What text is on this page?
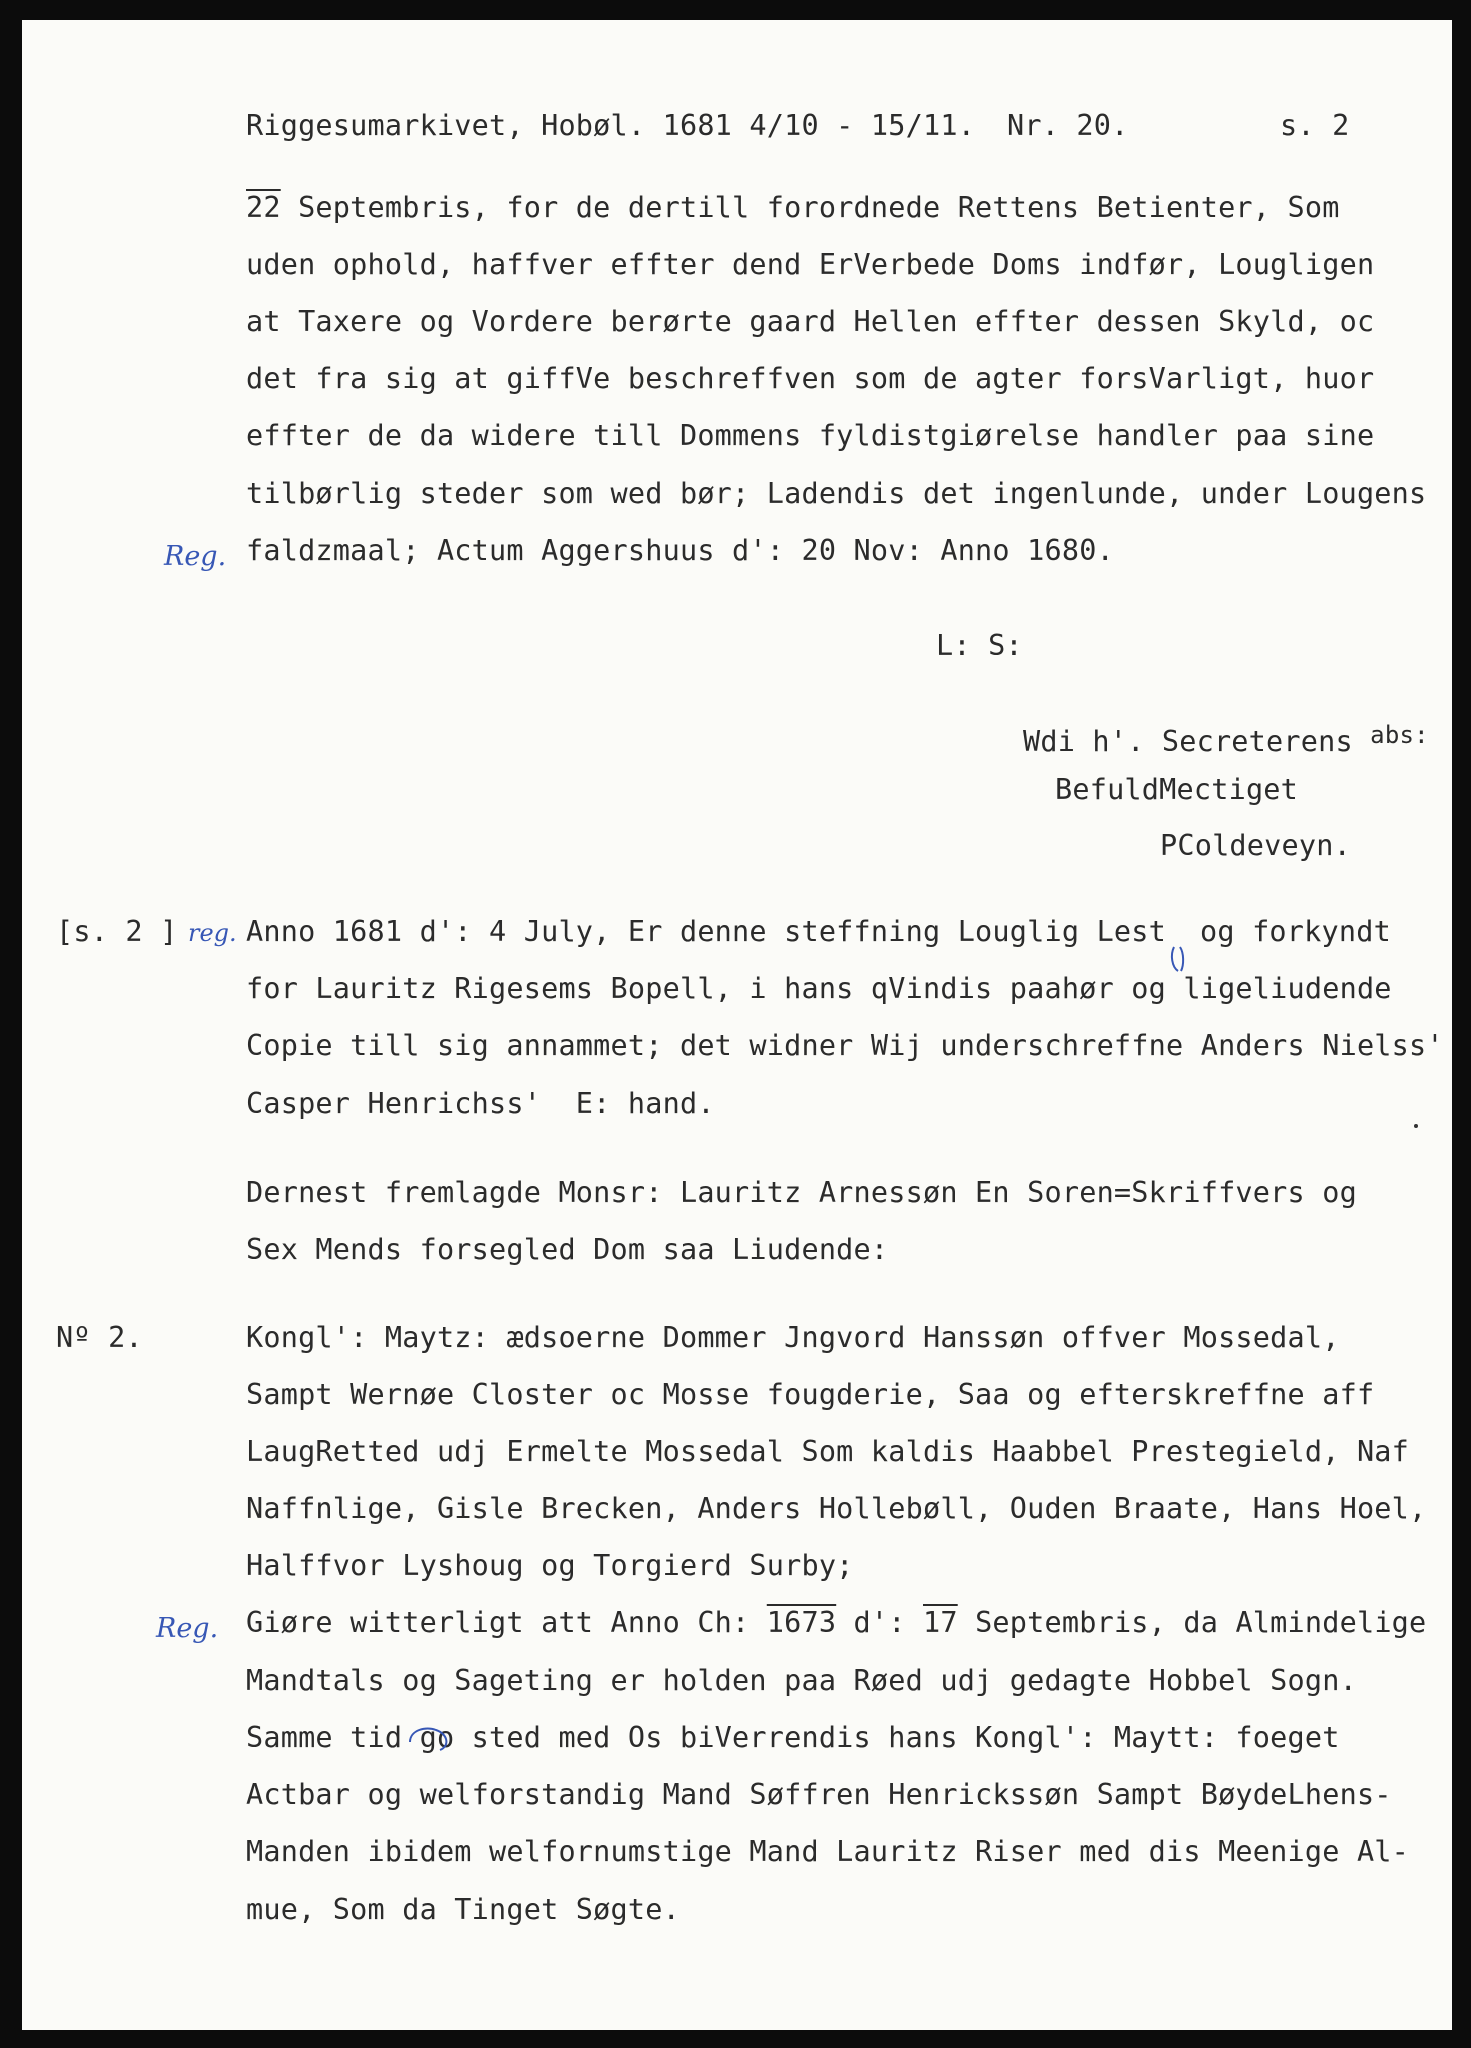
Riggesumarkivet, Hobøl. 1681 4/10 - 15/11. Nr. 20.	s. 2

22 Septembris, for de dertill forordnede Rettens Betienter, Som

uden ophold, haffver effter dend ErVerbede Doms indfør, Lougligen

at Taxere og Vordere berørte gaard Hellen effter dessen Skyld, oc

det fra sig at giffVe beschreffven som de agter forsVarligt, huor

effter de da widere till Dommens fyldistgiørelse handler paa sine

tilbørlig steder som wed bør; Ladendis det ingenlunde, under Lougens

faldzmaal; Actum Aggershuus d': 20 Nov: Anno 1680.

Reg.

L: S:

Wdi h'. Secreterens $^{abs:}$

BefuldMectiget

PColdeveyn.

[s. 2 ] reg. Anno 1681 d': 4 July, Er denne steffning Louglig Lest og forkyndt

for Lauritz Rigesems Bopell, i hans qVindis paahør og ligeliudende

Copie till sig annammet; det widner Wij underschreffne Anders Nielss'

Casper Henrichss'  E: hand.

Dernest fremlagde Monsr: Lauritz Arnessøn En Soren=Skriffvers og

Sex Mends forsegled Dom saa Liudende:

Nº 2.	Kongl': Maytz: ædsoerne Dommer Jngvord Hanssøn offver Mossedal,

Sampt Wernøe Closter oc Mosse fougderie, Saa og efterskreffne aff

LaugRetted udj Ermelte Mossedal Som kaldis Haabbel Prestegield, Naf

Naffnlige, Gisle Brecken, Anders Hollebøll, Ouden Braate, Hans Hoel,

Halffvor Lyshoug og Torgierd Surby;

Reg. Giøre witterligt att Anno Ch: 1673 d': 17 Septembris, da Almindelige

Mandtals og Sageting er holden paa Røed udj gedagte Hobbel Sogn.

Samme tid go sted med Os biVerrendis hans Kongl': Maytt: foeget

Actbar og welforstandig Mand Søffren Henrickssøn Sampt BøydeLhens-

Manden ibidem welfornumstige Mand Lauritz Riser med dis Meenige Al-

mue, Som da Tinget Søgte.
